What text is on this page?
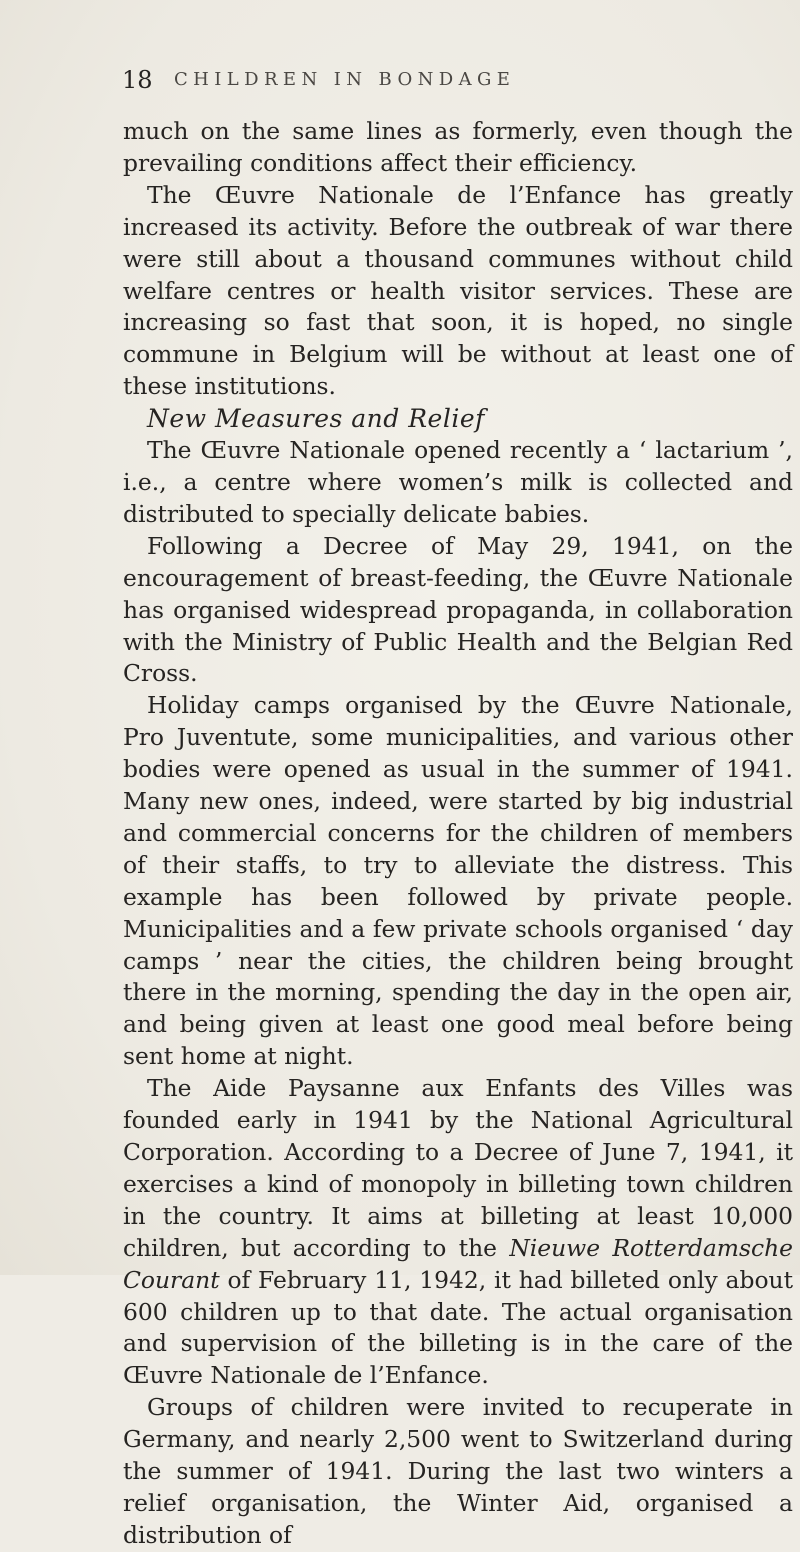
18 CHILDREN IN BONDAGE

much on the same lines as formerly, even though the prevailing conditions affect their efficiency.

The Œuvre Nationale de l’Enfance has greatly increased its activity. Before the outbreak of war there were still about a thousand communes without child welfare centres or health visitor services. These are increasing so fast that soon, it is hoped, no single commune in Belgium will be without at least one of these institutions.

New Measures and Relief

The Œuvre Nationale opened recently a ‘ lactarium ’, i.e., a centre where women’s milk is collected and distributed to specially delicate babies.

Following a Decree of May 29, 1941, on the encouragement of breast-feeding, the Œuvre Nationale has organised widespread propaganda, in collaboration with the Ministry of Public Health and the Belgian Red Cross.

Holiday camps organised by the Œuvre Nationale, Pro Juventute, some municipalities, and various other bodies were opened as usual in the summer of 1941. Many new ones, indeed, were started by big industrial and commercial concerns for the children of members of their staffs, to try to alleviate the distress. This example has been followed by private people. Municipalities and a few private schools organised ‘ day camps ’ near the cities, the children being brought there in the morning, spending the day in the open air, and being given at least one good meal before being sent home at night.

The Aide Paysanne aux Enfants des Villes was founded early in 1941 by the National Agricultural Corporation. According to a Decree of June 7, 1941, it exercises a kind of monopoly in billeting town children in the country. It aims at billeting at least 10,000 children, but according to the Nieuwe Rotterdamsche Courant of February 11, 1942, it had billeted only about 600 children up to that date. The actual organisation and supervision of the billeting is in the care of the Œuvre Nationale de l’Enfance.

Groups of children were invited to recuperate in Germany, and nearly 2,500 went to Switzerland during the summer of 1941. During the last two winters a relief organisation, the Winter Aid, organised a distribution of
